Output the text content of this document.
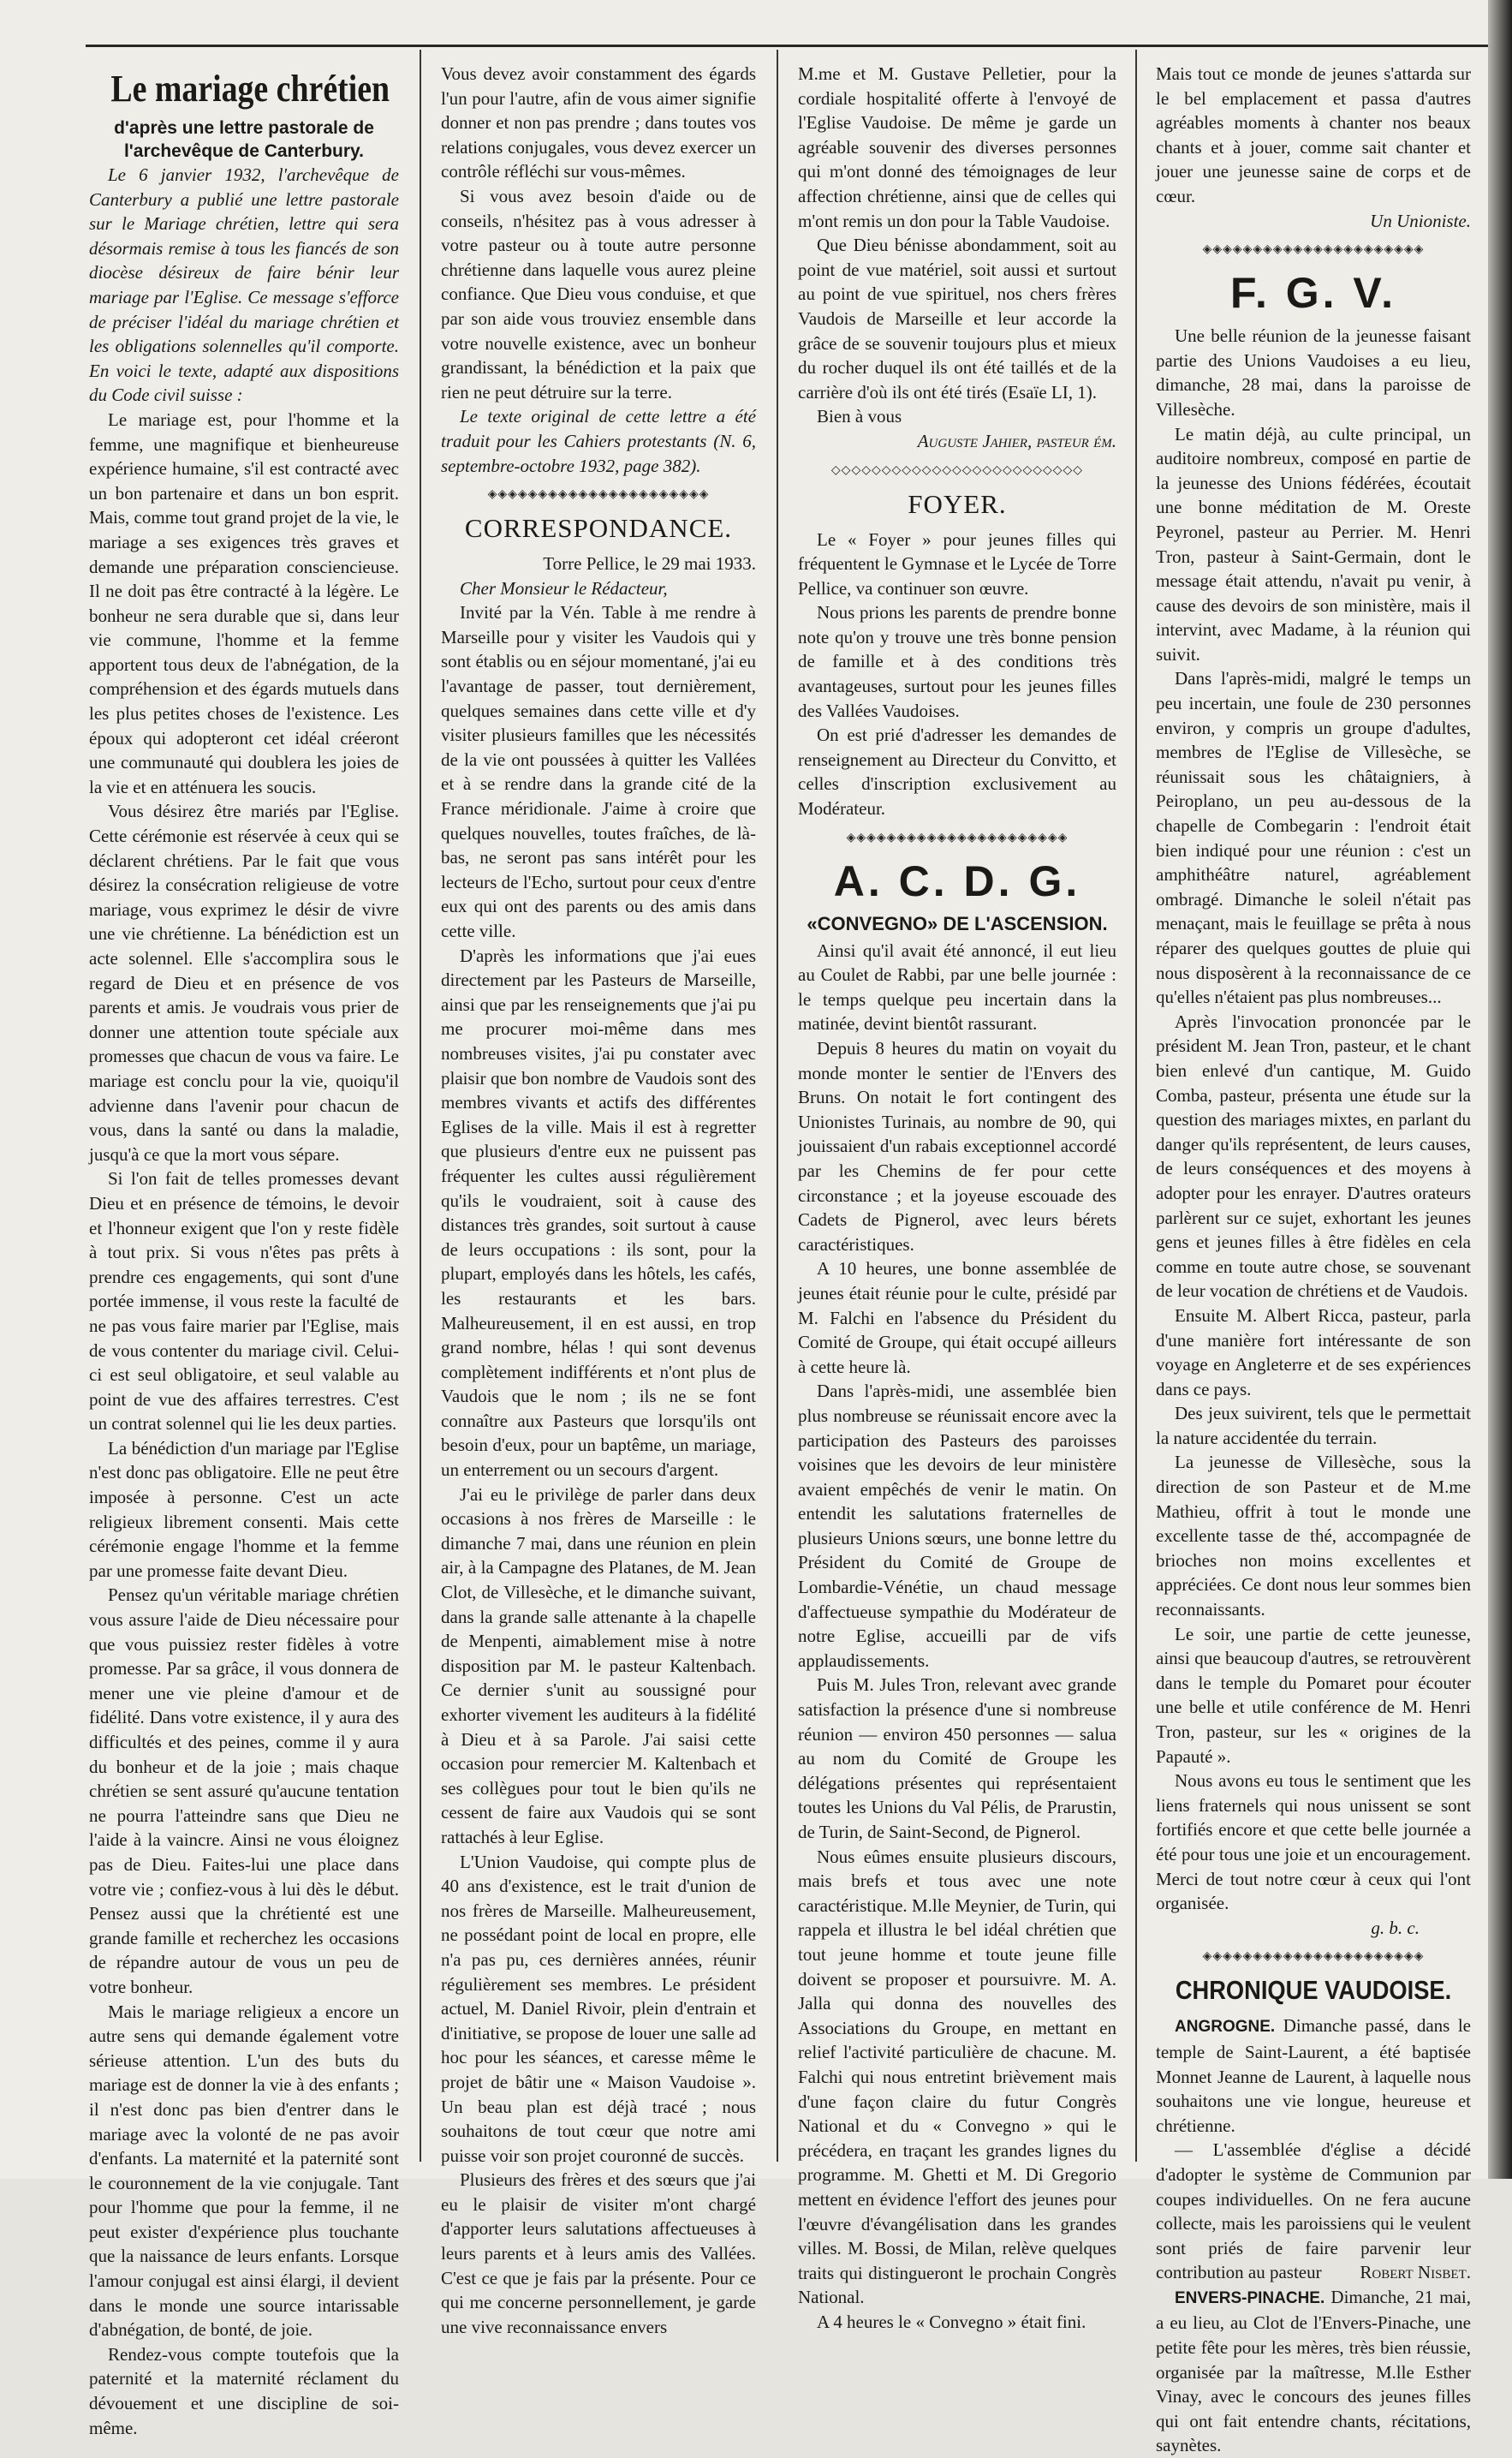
Le mariage chrétien
d'après une lettre pastorale de l'archevêque de Canterbury.

Le 6 janvier 1932, l'archevêque de Canterbury a publié une lettre pastorale sur le Mariage chrétien, lettre qui sera désormais remise à tous les fiancés de son diocèse désireux de faire bénir leur mariage par l'Eglise. Ce message s'efforce de préciser l'idéal du mariage chrétien et les obligations solennelles qu'il comporte. En voici le texte, adapté aux dispositions du Code civil suisse :

Le mariage est, pour l'homme et la femme, une magnifique et bienheureuse expérience humaine, s'il est contracté avec un bon partenaire et dans un bon esprit. Mais, comme tout grand projet de la vie, le mariage a ses exigences très graves et demande une préparation consciencieuse. Il ne doit pas être contracté à la légère. Le bonheur ne sera durable que si, dans leur vie commune, l'homme et la femme apportent tous deux de l'abnégation, de la compréhension et des égards mutuels dans les plus petites choses de l'existence. Les époux qui adopteront cet idéal créeront une communauté qui doublera les joies de la vie et en atténuera les soucis.

Vous désirez être mariés par l'Eglise. Cette cérémonie est réservée à ceux qui se déclarent chrétiens. Par le fait que vous désirez la consécration religieuse de votre mariage, vous exprimez le désir de vivre une vie chrétienne. La bénédiction est un acte solennel. Elle s'accomplira sous le regard de Dieu et en présence de vos parents et amis. Je voudrais vous prier de donner une attention toute spéciale aux promesses que chacun de vous va faire. Le mariage est conclu pour la vie, quoiqu'il advienne dans l'avenir pour chacun de vous, dans la santé ou dans la maladie, jusqu'à ce que la mort vous sépare.

Si l'on fait de telles promesses devant Dieu et en présence de témoins, le devoir et l'honneur exigent que l'on y reste fidèle à tout prix. Si vous n'êtes pas prêts à prendre ces engagements, qui sont d'une portée immense, il vous reste la faculté de ne pas vous faire marier par l'Eglise, mais de vous contenter du mariage civil. Celui-ci est seul obligatoire, et seul valable au point de vue des affaires terrestres. C'est un contrat solennel qui lie les deux parties.

La bénédiction d'un mariage par l'Eglise n'est donc pas obligatoire. Elle ne peut être imposée à personne. C'est un acte religieux librement consenti. Mais cette cérémonie engage l'homme et la femme par une promesse faite devant Dieu.

Pensez qu'un véritable mariage chrétien vous assure l'aide de Dieu nécessaire pour que vous puissiez rester fidèles à votre promesse. Par sa grâce, il vous donnera de mener une vie pleine d'amour et de fidélité. Dans votre existence, il y aura des difficultés et des peines, comme il y aura du bonheur et de la joie ; mais chaque chrétien se sent assuré qu'aucune tentation ne pourra l'atteindre sans que Dieu ne l'aide à la vaincre. Ainsi ne vous éloignez pas de Dieu. Faites-lui une place dans votre vie ; confiez-vous à lui dès le début. Pensez aussi que la chrétienté est une grande famille et recherchez les occasions de répandre autour de vous un peu de votre bonheur.

Mais le mariage religieux a encore un autre sens qui demande également votre sérieuse attention. L'un des buts du mariage est de donner la vie à des enfants ; il n'est donc pas bien d'entrer dans le mariage avec la volonté de ne pas avoir d'enfants. La maternité et la paternité sont le couronnement de la vie conjugale. Tant pour l'homme que pour la femme, il ne peut exister d'expérience plus touchante que la naissance de leurs enfants. Lorsque l'amour conjugal est ainsi élargi, il devient dans le monde une source intarissable d'abnégation, de bonté, de joie.

Rendez-vous compte toutefois que la paternité et la maternité réclament du dévouement et une discipline de soi-même.

Vous devez avoir constamment des égards l'un pour l'autre, afin de vous aimer signifie donner et non pas prendre ; dans toutes vos relations conjugales, vous devez exercer un contrôle réfléchi sur vous-mêmes.

Si vous avez besoin d'aide ou de conseils, n'hésitez pas à vous adresser à votre pasteur ou à toute autre personne chrétienne dans laquelle vous aurez pleine confiance. Que Dieu vous conduise, et que par son aide vous trouviez ensemble dans votre nouvelle existence, avec un bonheur grandissant, la bénédiction et la paix que rien ne peut détruire sur la terre.

Le texte original de cette lettre a été traduit pour les Cahiers protestants (N. 6, septembre-octobre 1932, page 382).

◈◈◈◈◈◈◈◈◈◈◈◈◈◈◈◈◈◈◈◈◈◈
CORRESPONDANCE.

Torre Pellice, le 29 mai 1933.

Cher Monsieur le Rédacteur,

Invité par la Vén. Table à me rendre à Marseille pour y visiter les Vaudois qui y sont établis ou en séjour momentané, j'ai eu l'avantage de passer, tout dernièrement, quelques semaines dans cette ville et d'y visiter plusieurs familles que les nécessités de la vie ont poussées à quitter les Vallées et à se rendre dans la grande cité de la France méridionale. J'aime à croire que quelques nouvelles, toutes fraîches, de là-bas, ne seront pas sans intérêt pour les lecteurs de l'Echo, surtout pour ceux d'entre eux qui ont des parents ou des amis dans cette ville.

D'après les informations que j'ai eues directement par les Pasteurs de Marseille, ainsi que par les renseignements que j'ai pu me procurer moi-même dans mes nombreuses visites, j'ai pu constater avec plaisir que bon nombre de Vaudois sont des membres vivants et actifs des différentes Eglises de la ville. Mais il est à regretter que plusieurs d'entre eux ne puissent pas fréquenter les cultes aussi régulièrement qu'ils le voudraient, soit à cause des distances très grandes, soit surtout à cause de leurs occupations : ils sont, pour la plupart, employés dans les hôtels, les cafés, les restaurants et les bars. Malheureusement, il en est aussi, en trop grand nombre, hélas ! qui sont devenus complètement indifférents et n'ont plus de Vaudois que le nom ; ils ne se font connaître aux Pasteurs que lorsqu'ils ont besoin d'eux, pour un baptême, un mariage, un enterrement ou un secours d'argent.

J'ai eu le privilège de parler dans deux occasions à nos frères de Marseille : le dimanche 7 mai, dans une réunion en plein air, à la Campagne des Platanes, de M. Jean Clot, de Villesèche, et le dimanche suivant, dans la grande salle attenante à la chapelle de Menpenti, aimablement mise à notre disposition par M. le pasteur Kaltenbach. Ce dernier s'unit au soussigné pour exhorter vivement les auditeurs à la fidélité à Dieu et à sa Parole. J'ai saisi cette occasion pour remercier M. Kaltenbach et ses collègues pour tout le bien qu'ils ne cessent de faire aux Vaudois qui se sont rattachés à leur Eglise.

L'Union Vaudoise, qui compte plus de 40 ans d'existence, est le trait d'union de nos frères de Marseille. Malheureusement, ne possédant point de local en propre, elle n'a pas pu, ces dernières années, réunir régulièrement ses membres. Le président actuel, M. Daniel Rivoir, plein d'entrain et d'initiative, se propose de louer une salle ad hoc pour les séances, et caresse même le projet de bâtir une « Maison Vaudoise ». Un beau plan est déjà tracé ; nous souhaitons de tout cœur que notre ami puisse voir son projet couronné de succès.

Plusieurs des frères et des sœurs que j'ai eu le plaisir de visiter m'ont chargé d'apporter leurs salutations affectueuses à leurs parents et à leurs amis des Vallées. C'est ce que je fais par la présente. Pour ce qui me concerne personnellement, je garde une vive reconnaissance envers

M.me et M. Gustave Pelletier, pour la cordiale hospitalité offerte à l'envoyé de l'Eglise Vaudoise. De même je garde un agréable souvenir des diverses personnes qui m'ont donné des témoignages de leur affection chrétienne, ainsi que de celles qui m'ont remis un don pour la Table Vaudoise.

Que Dieu bénisse abondamment, soit au point de vue matériel, soit aussi et surtout au point de vue spirituel, nos chers frères Vaudois de Marseille et leur accorde la grâce de se souvenir toujours plus et mieux du rocher duquel ils ont été taillés et de la carrière d'où ils ont été tirés (Esaïe LI, 1).

Bien à vous

Auguste Jahier, pasteur ém.

◇◇◇◇◇◇◇◇◇◇◇◇◇◇◇◇◇◇◇◇◇◇◇◇◇
FOYER.

Le « Foyer » pour jeunes filles qui fréquentent le Gymnase et le Lycée de Torre Pellice, va continuer son œuvre.

Nous prions les parents de prendre bonne note qu'on y trouve une très bonne pension de famille et à des conditions très avantageuses, surtout pour les jeunes filles des Vallées Vaudoises.

On est prié d'adresser les demandes de renseignement au Directeur du Convitto, et celles d'inscription exclusivement au Modérateur.

◈◈◈◈◈◈◈◈◈◈◈◈◈◈◈◈◈◈◈◈◈◈
A. C. D. G.
«CONVEGNO» DE L'ASCENSION.

Ainsi qu'il avait été annoncé, il eut lieu au Coulet de Rabbi, par une belle journée : le temps quelque peu incertain dans la matinée, devint bientôt rassurant.

Depuis 8 heures du matin on voyait du monde monter le sentier de l'Envers des Bruns. On notait le fort contingent des Unionistes Turinais, au nombre de 90, qui jouissaient d'un rabais exceptionnel accordé par les Chemins de fer pour cette circonstance ; et la joyeuse escouade des Cadets de Pignerol, avec leurs bérets caractéristiques.

A 10 heures, une bonne assemblée de jeunes était réunie pour le culte, présidé par M. Falchi en l'absence du Président du Comité de Groupe, qui était occupé ailleurs à cette heure là.

Dans l'après-midi, une assemblée bien plus nombreuse se réunissait encore avec la participation des Pasteurs des paroisses voisines que les devoirs de leur ministère avaient empêchés de venir le matin. On entendit les salutations fraternelles de plusieurs Unions sœurs, une bonne lettre du Président du Comité de Groupe de Lombardie-Vénétie, un chaud message d'affectueuse sympathie du Modérateur de notre Eglise, accueilli par de vifs applaudissements.

Puis M. Jules Tron, relevant avec grande satisfaction la présence d'une si nombreuse réunion — environ 450 personnes — salua au nom du Comité de Groupe les délégations présentes qui représentaient toutes les Unions du Val Pélis, de Prarustin, de Turin, de Saint-Second, de Pignerol.

Nous eûmes ensuite plusieurs discours, mais brefs et tous avec une note caractéristique. M.lle Meynier, de Turin, qui rappela et illustra le bel idéal chrétien que tout jeune homme et toute jeune fille doivent se proposer et poursuivre. M. A. Jalla qui donna des nouvelles des Associations du Groupe, en mettant en relief l'activité particulière de chacune. M. Falchi qui nous entretint brièvement mais d'une façon claire du futur Congrès National et du « Convegno » qui le précédera, en traçant les grandes lignes du programme. M. Ghetti et M. Di Gregorio mettent en évidence l'effort des jeunes pour l'œuvre d'évangélisation dans les grandes villes. M. Bossi, de Milan, relève quelques traits qui distingueront le prochain Congrès National.

A 4 heures le « Convegno » était fini.

Mais tout ce monde de jeunes s'attarda sur le bel emplacement et passa d'autres agréables moments à chanter nos beaux chants et à jouer, comme sait chanter et jouer une jeunesse saine de corps et de cœur.

Un Unioniste.

◈◈◈◈◈◈◈◈◈◈◈◈◈◈◈◈◈◈◈◈◈◈
F. G. V.

Une belle réunion de la jeunesse faisant partie des Unions Vaudoises a eu lieu, dimanche, 28 mai, dans la paroisse de Villesèche.

Le matin déjà, au culte principal, un auditoire nombreux, composé en partie de la jeunesse des Unions fédérées, écoutait une bonne méditation de M. Oreste Peyronel, pasteur au Perrier. M. Henri Tron, pasteur à Saint-Germain, dont le message était attendu, n'avait pu venir, à cause des devoirs de son ministère, mais il intervint, avec Madame, à la réunion qui suivit.

Dans l'après-midi, malgré le temps un peu incertain, une foule de 230 personnes environ, y compris un groupe d'adultes, membres de l'Eglise de Villesèche, se réunissait sous les châtaigniers, à Peiroplano, un peu au-dessous de la chapelle de Combegarin : l'endroit était bien indiqué pour une réunion : c'est un amphithéâtre naturel, agréablement ombragé. Dimanche le soleil n'était pas menaçant, mais le feuillage se prêta à nous réparer des quelques gouttes de pluie qui nous disposèrent à la reconnaissance de ce qu'elles n'étaient pas plus nombreuses...

Après l'invocation prononcée par le président M. Jean Tron, pasteur, et le chant bien enlevé d'un cantique, M. Guido Comba, pasteur, présenta une étude sur la question des mariages mixtes, en parlant du danger qu'ils représentent, de leurs causes, de leurs conséquences et des moyens à adopter pour les enrayer. D'autres orateurs parlèrent sur ce sujet, exhortant les jeunes gens et jeunes filles à être fidèles en cela comme en toute autre chose, se souvenant de leur vocation de chrétiens et de Vaudois.

Ensuite M. Albert Ricca, pasteur, parla d'une manière fort intéressante de son voyage en Angleterre et de ses expériences dans ce pays.

Des jeux suivirent, tels que le permettait la nature accidentée du terrain.

La jeunesse de Villesèche, sous la direction de son Pasteur et de M.me Mathieu, offrit à tout le monde une excellente tasse de thé, accompagnée de brioches non moins excellentes et appréciées. Ce dont nous leur sommes bien reconnaissants.

Le soir, une partie de cette jeunesse, ainsi que beaucoup d'autres, se retrouvèrent dans le temple du Pomaret pour écouter une belle et utile conférence de M. Henri Tron, pasteur, sur les « origines de la Papauté ».

Nous avons eu tous le sentiment que les liens fraternels qui nous unissent se sont fortifiés encore et que cette belle journée a été pour tous une joie et un encouragement. Merci de tout notre cœur à ceux qui l'ont organisée.

g. b. c.

◈◈◈◈◈◈◈◈◈◈◈◈◈◈◈◈◈◈◈◈◈◈
CHRONIQUE VAUDOISE.

ANGROGNE. Dimanche passé, dans le temple de Saint-Laurent, a été baptisée Monnet Jeanne de Laurent, à laquelle nous souhaitons une vie longue, heureuse et chrétienne.

— L'assemblée d'église a décidé d'adopter le système de Communion par coupes individuelles. On ne fera aucune collecte, mais les paroissiens qui le veulent sont priés de faire parvenir leur contribution au pasteur	Robert Nisbet.

ENVERS-PINACHE. Dimanche, 21 mai, a eu lieu, au Clot de l'Envers-Pinache, une petite fête pour les mères, très bien réussie, organisée par la maîtresse, M.lle Esther Vinay, avec le concours des jeunes filles qui ont fait entendre chants, récitations, saynètes.
